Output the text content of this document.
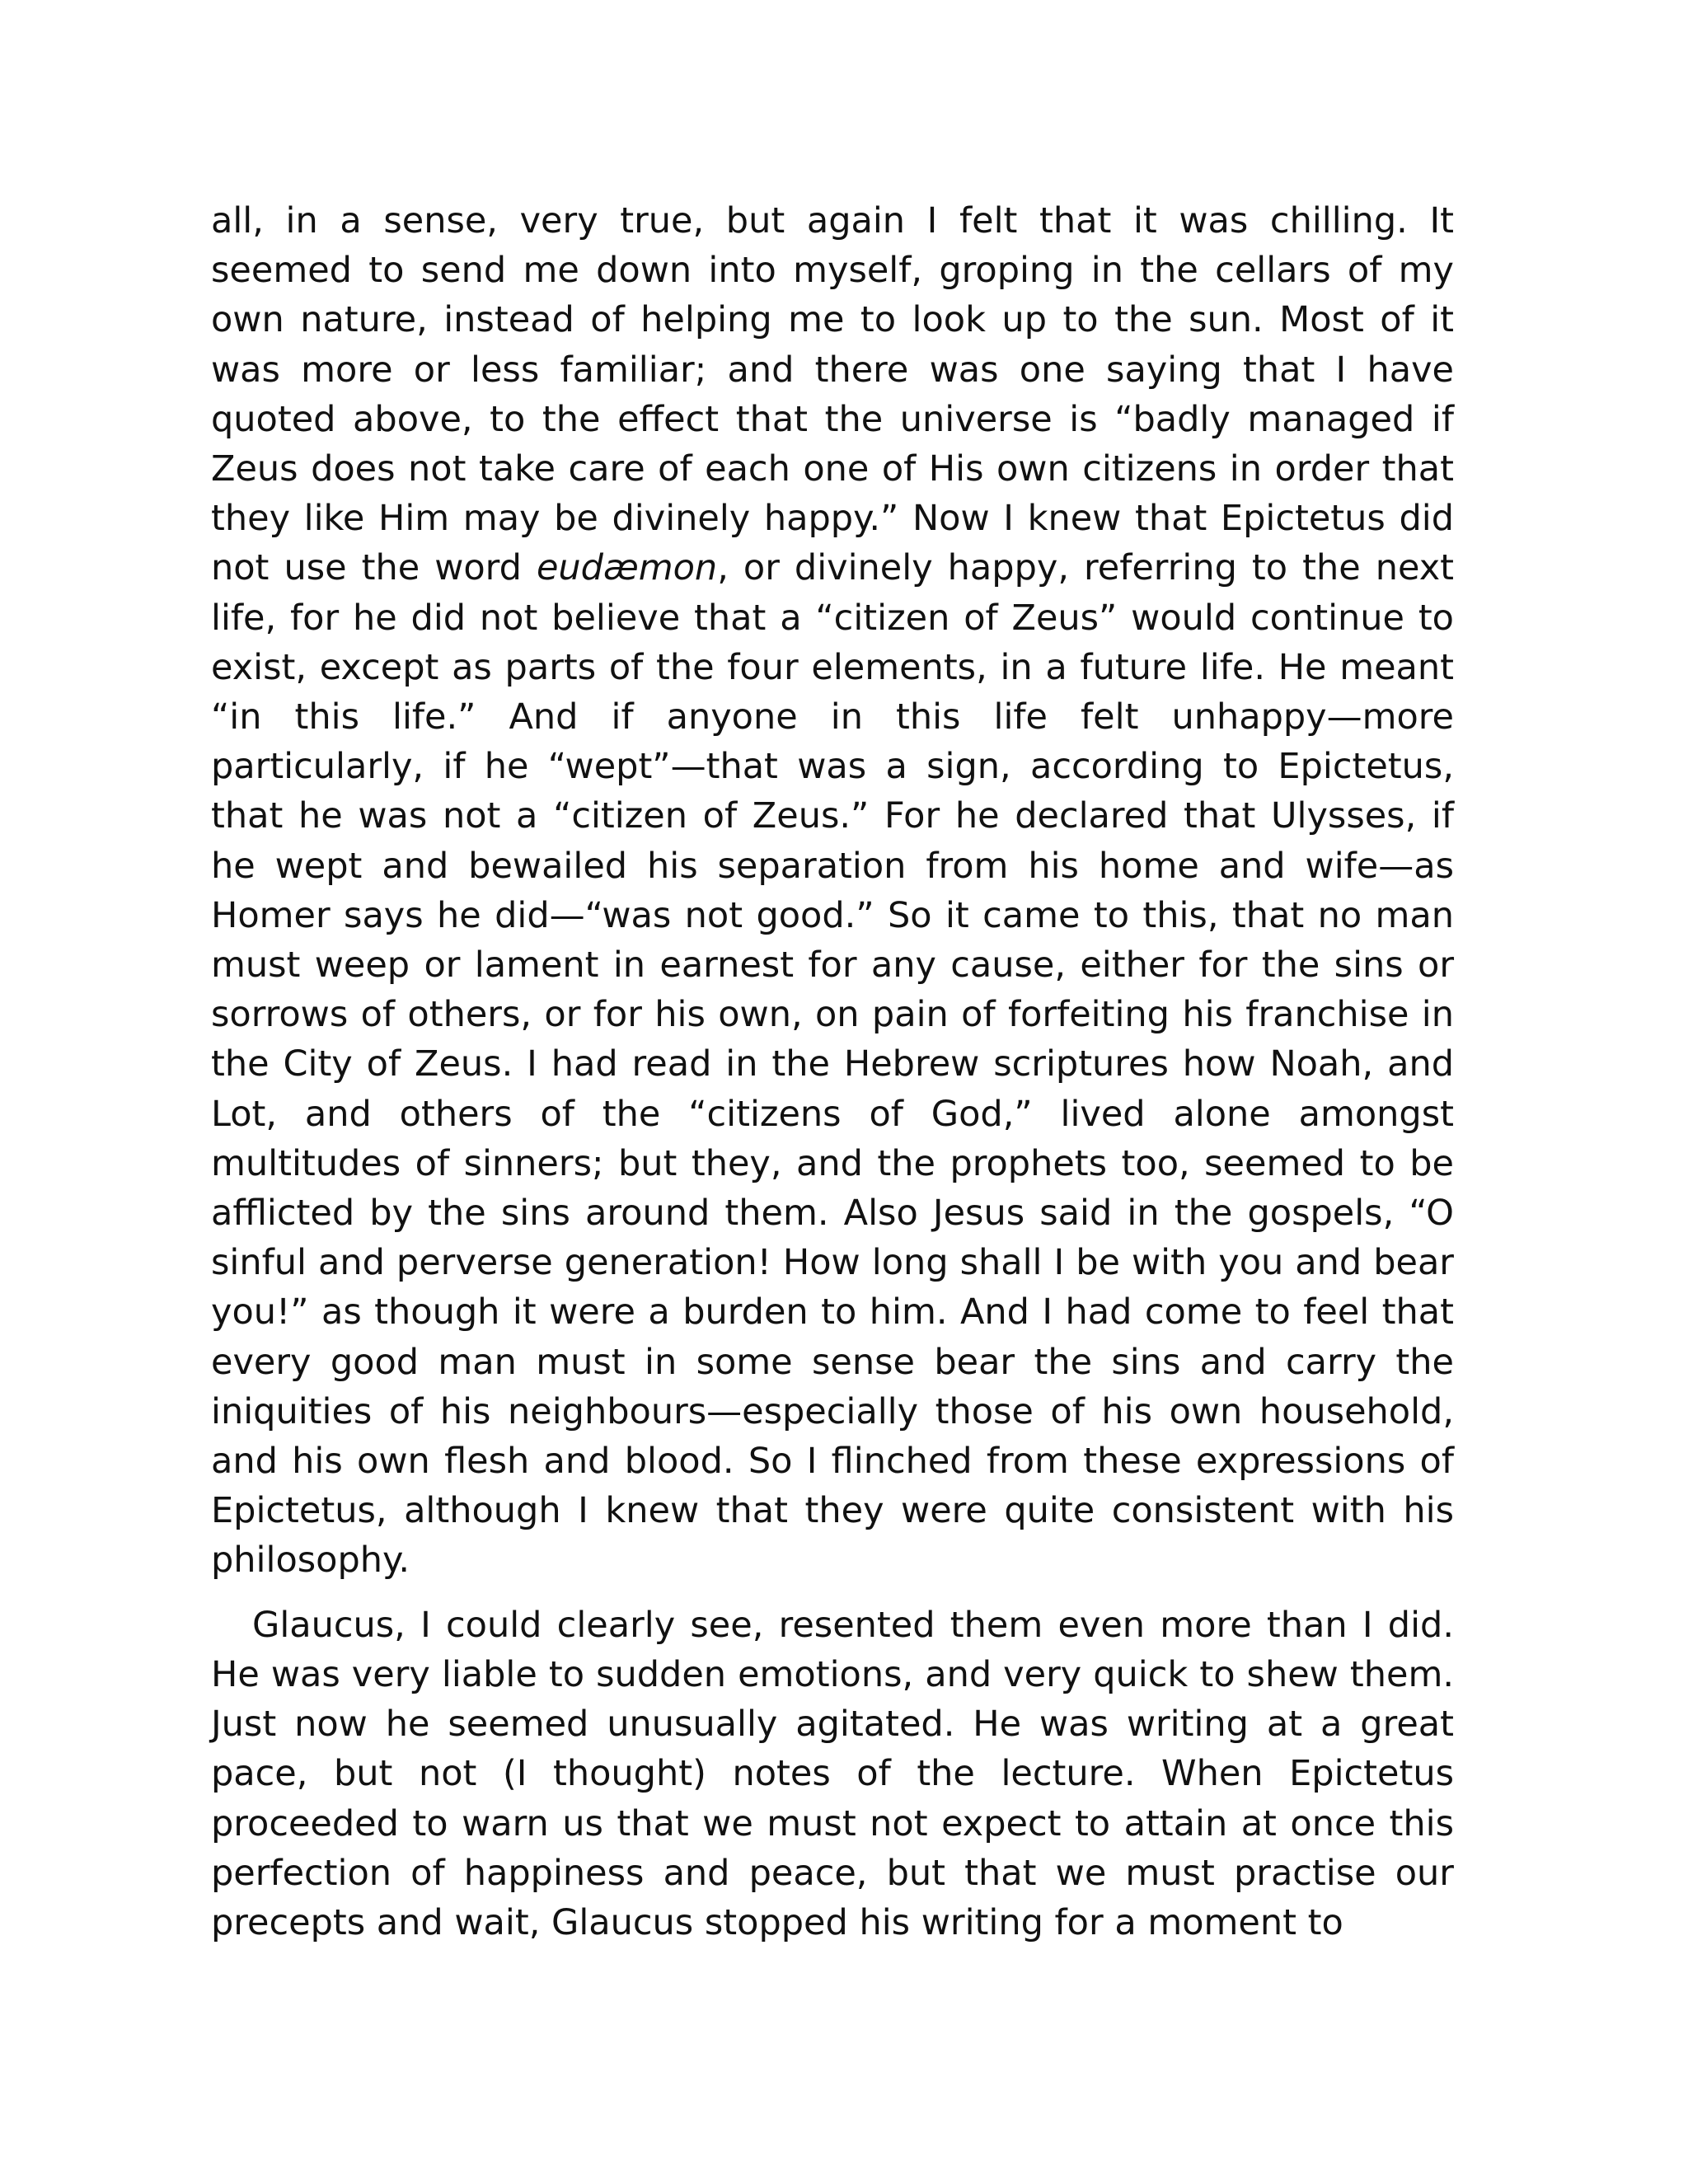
all, in a sense, very true, but again I felt that it was chilling. It seemed to send me down into myself, groping in the cellars of my own nature, instead of helping me to look up to the sun. Most of it was more or less familiar; and there was one saying that I have quoted above, to the effect that the universe is “badly managed if Zeus does not take care of each one of His own citizens in order that they like Him may be divinely happy.” Now I knew that Epictetus did not use the word eudæmon, or divinely happy, referring to the next life, for he did not believe that a “citizen of Zeus” would continue to exist, except as parts of the four elements, in a future life. He meant “in this life.” And if anyone in this life felt unhappy—more particularly, if he “wept”—that was a sign, according to Epictetus, that he was not a “citizen of Zeus.” For he declared that Ulysses, if he wept and bewailed his separation from his home and wife—as Homer says he did—“was not good.” So it came to this, that no man must weep or lament in earnest for any cause, either for the sins or sorrows of others, or for his own, on pain of forfeiting his franchise in the City of Zeus. I had read in the Hebrew scriptures how Noah, and Lot, and others of the “citizens of God,” lived alone amongst multitudes of sinners; but they, and the prophets too, seemed to be afflicted by the sins around them. Also Jesus said in the gospels, “O sinful and perverse generation! How long shall I be with you and bear you!” as though it were a burden to him. And I had come to feel that every good man must in some sense bear the sins and carry the iniquities of his neighbours—especially those of his own household, and his own flesh and blood. So I flinched from these expressions of Epictetus, although I knew that they were quite consistent with his philosophy.

Glaucus, I could clearly see, resented them even more than I did. He was very liable to sudden emotions, and very quick to shew them. Just now he seemed unusually agitated. He was writing at a great pace, but not (I thought) notes of the lecture. When Epictetus proceeded to warn us that we must not expect to attain at once this perfection of happiness and peace, but that we must practise our precepts and wait, Glaucus stopped his writing for a moment to
